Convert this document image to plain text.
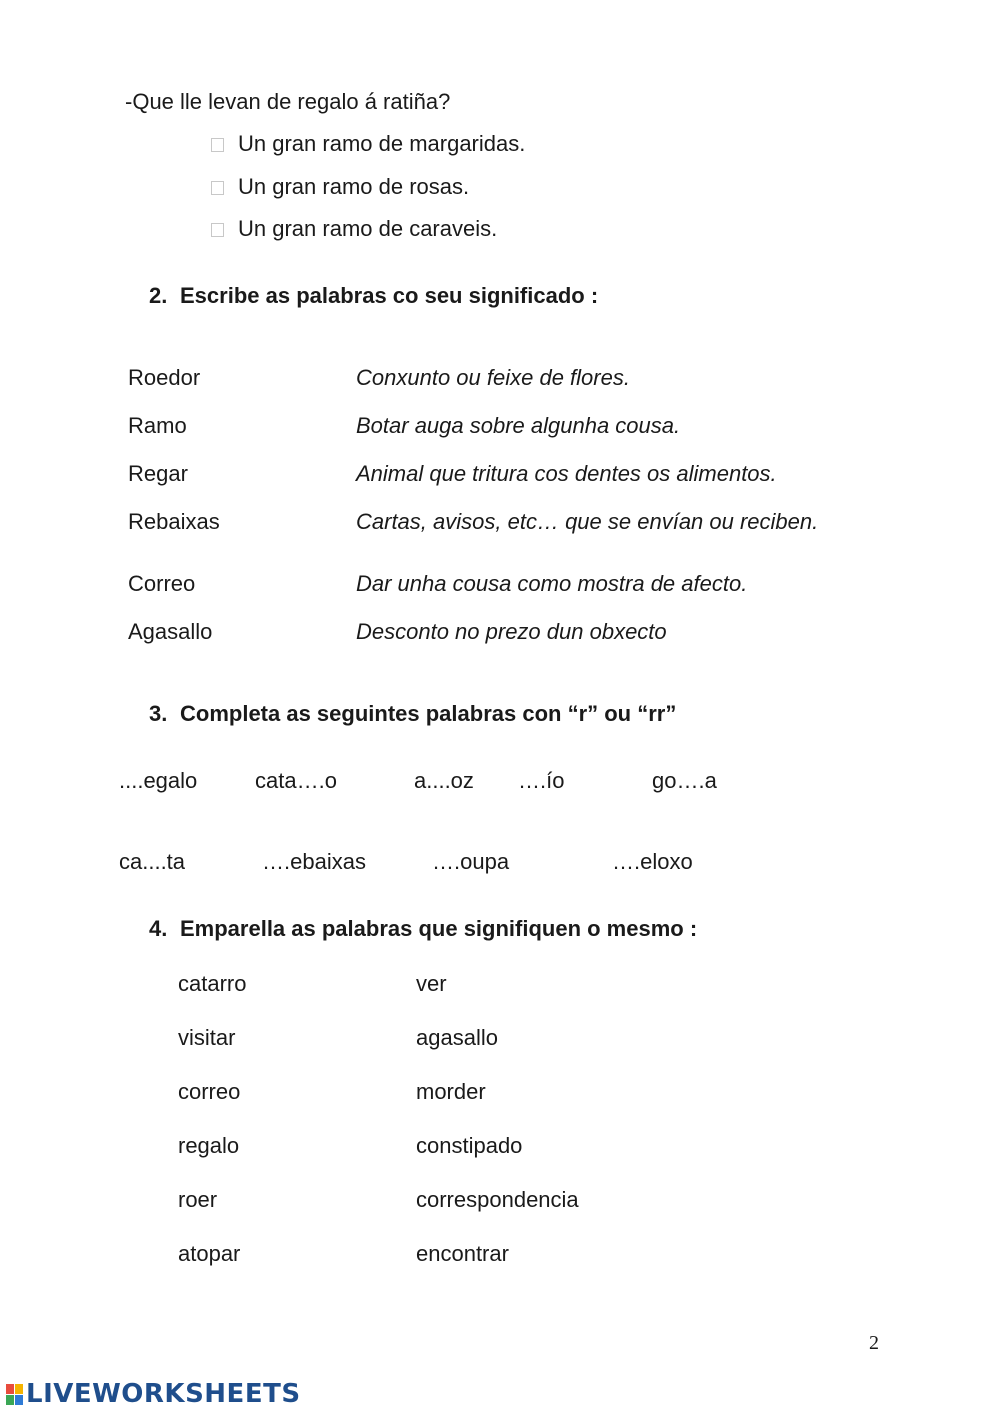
-Que lle levan de regalo á ratiña?
Un gran ramo de margaridas.
Un gran ramo de rosas.
Un gran ramo de caraveis.
2. Escribe as palabras co seu significado :
Roedor	Conxunto ou feixe de flores.
Ramo	Botar auga sobre algunha cousa.
Regar	Animal que tritura cos dentes os alimentos.
Rebaixas	Cartas, avisos, etc… que se envían ou reciben.
Correo	Dar unha cousa como mostra de afecto.
Agasallo	Desconto no prezo dun obxecto
3. Completa as seguintes palabras con “r” ou “rr”
....egalo	cata….o	a....oz ….ío	go….a
ca....ta	….ebaixas	….oupa	….eloxo
4. Emparella as palabras que signifiquen o mesmo :
catarro	ver
visitar	agasallo
correo	morder
regalo	constipado
roer	correspondencia
atopar	encontrar
2
LIVEWORKSHEETS
